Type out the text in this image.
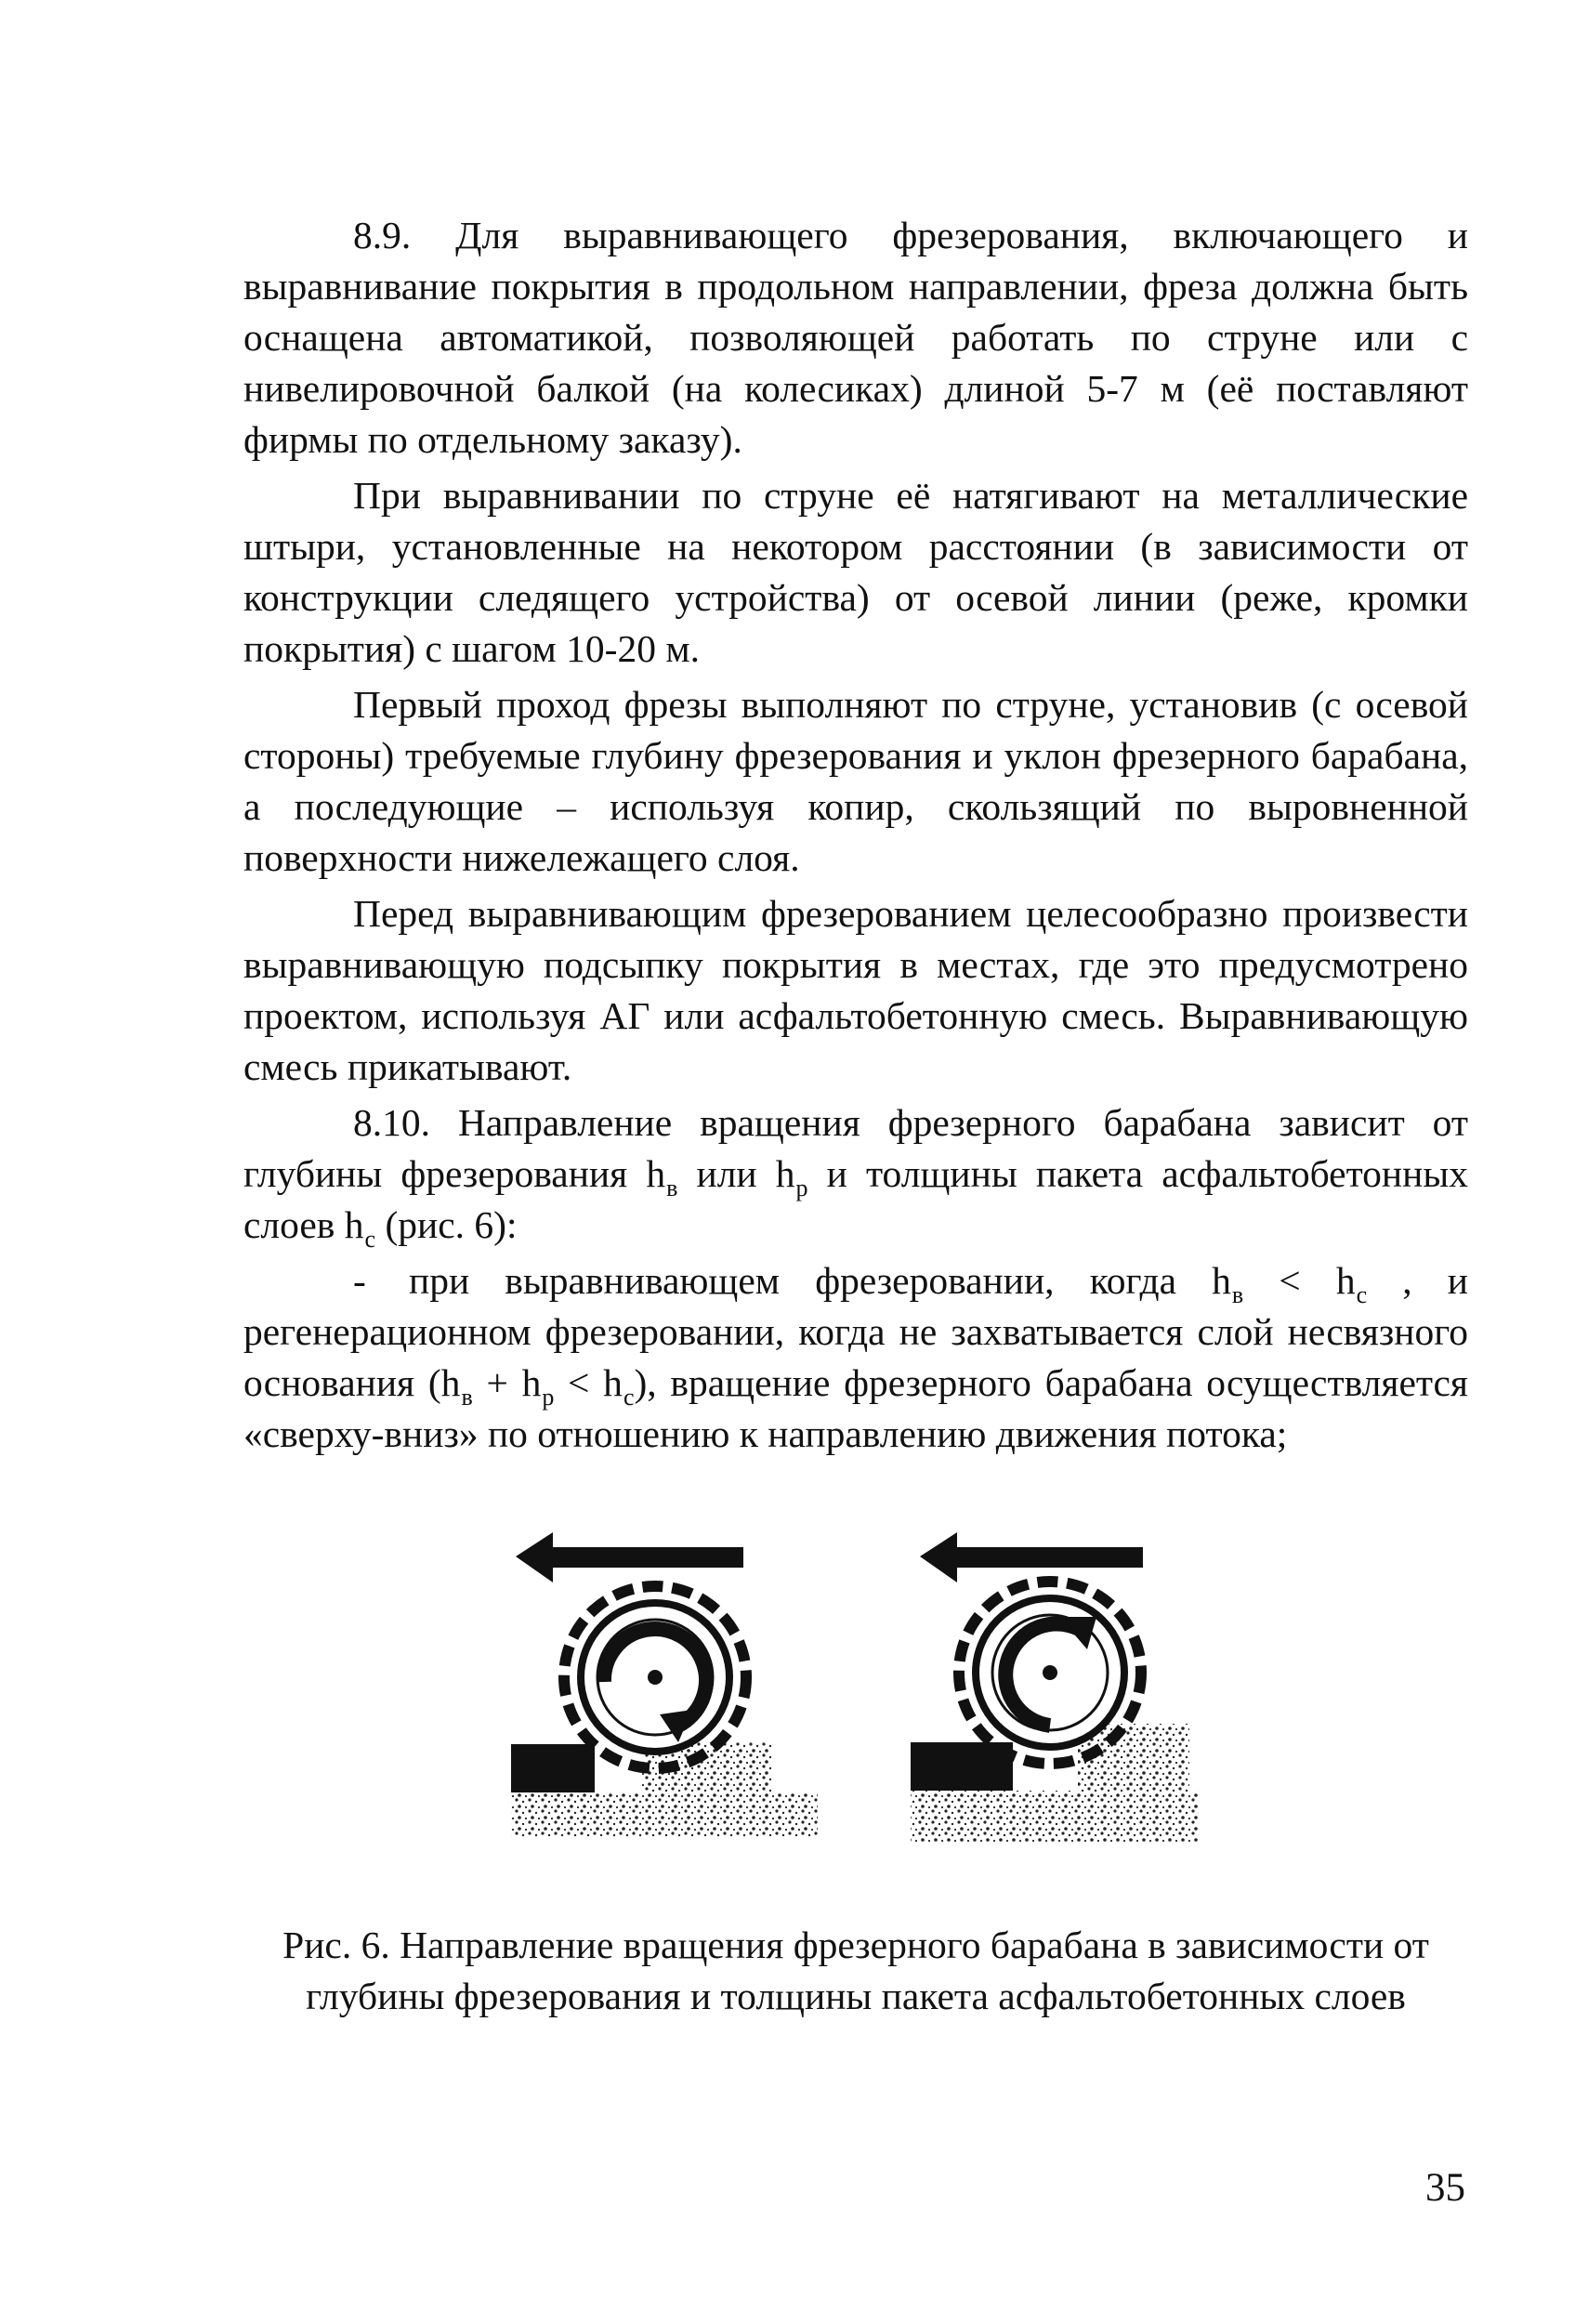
8.9. Для выравнивающего фрезерования, включающего и выравнивание покрытия в продольном направлении, фреза должна быть оснащена автоматикой, позволяющей работать по струне или с нивелировочной балкой (на колесиках) длиной 5-7 м (её поставляют фирмы по отдельному заказу).

При выравнивании по струне её натягивают на металлические штыри, установленные на некотором расстоянии (в зависимости от конструкции следящего устройства) от осевой линии (реже, кромки покрытия) с шагом 10-20 м.

Первый проход фрезы выполняют по струне, установив (с осевой стороны) требуемые глубину фрезерования и уклон фрезерного барабана, а последующие – используя копир, скользящий по выровненной поверхности нижележащего слоя.

Перед выравнивающим фрезерованием целесообразно произвести выравнивающую подсыпку покрытия в местах, где это предусмотрено проектом, используя АГ или асфальтобетонную смесь. Выравнивающую смесь прикатывают.

8.10. Направление вращения фрезерного барабана зависит от глубины фрезерования $h_в$ или $h_р$ и толщины пакета асфальтобетонных слоев $h_с$ (рис. 6):

- при выравнивающем фрезеровании, когда $h_в < h_с$ , и регенерационном фрезеровании, когда не захватывается слой несвязного основания $(h_в + h_р < h_с)$, вращение фрезерного барабана осуществляется «сверху-вниз» по отношению к направлению движения потока;

Рис. 6. Направление вращения фрезерного барабана в зависимости от глубины фрезерования и толщины пакета асфальтобетонных слоев
35
